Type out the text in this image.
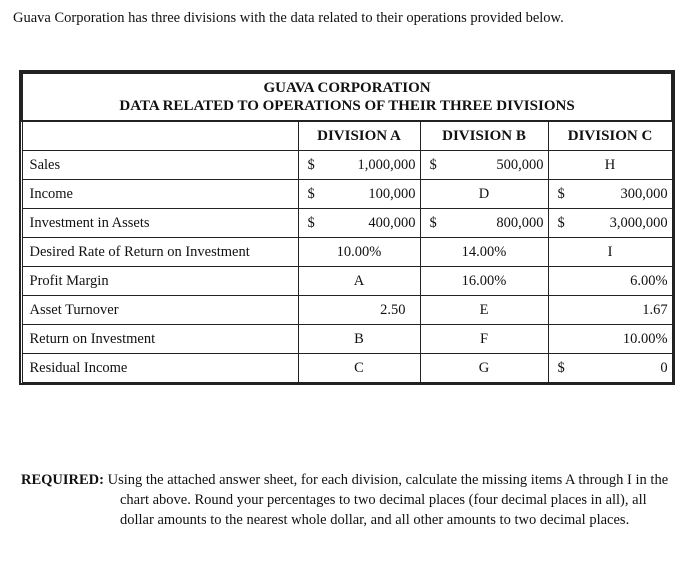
Guava Corporation has three divisions with the data related to their operations provided below.
GUAVA CORPORATION
DATA RELATED TO OPERATIONS OF THEIR THREE DIVISIONS						

	DIVISION A		DIVISION B		DIVISION C	
Sales	$	1,000,000	$	500,000	H	
Income	$	100,000	D		$	300,000
Investment in Assets	$	400,000	$	800,000	$	3,000,000
Desired Rate of Return on Investment	10.00%		14.00%		I	
Profit Margin	A		16.00%		6.00%	
Asset Turnover	2.50		E		1.67	
Return on Investment	B		F		10.00%	
Residual Income	C		G		$	0
REQUIRED: Using the attached answer sheet, for each division, calculate the missing items A through I in the chart above. Round your percentages to two decimal places (four decimal places in all), all dollar amounts to the nearest whole dollar, and all other amounts to two decimal places.
